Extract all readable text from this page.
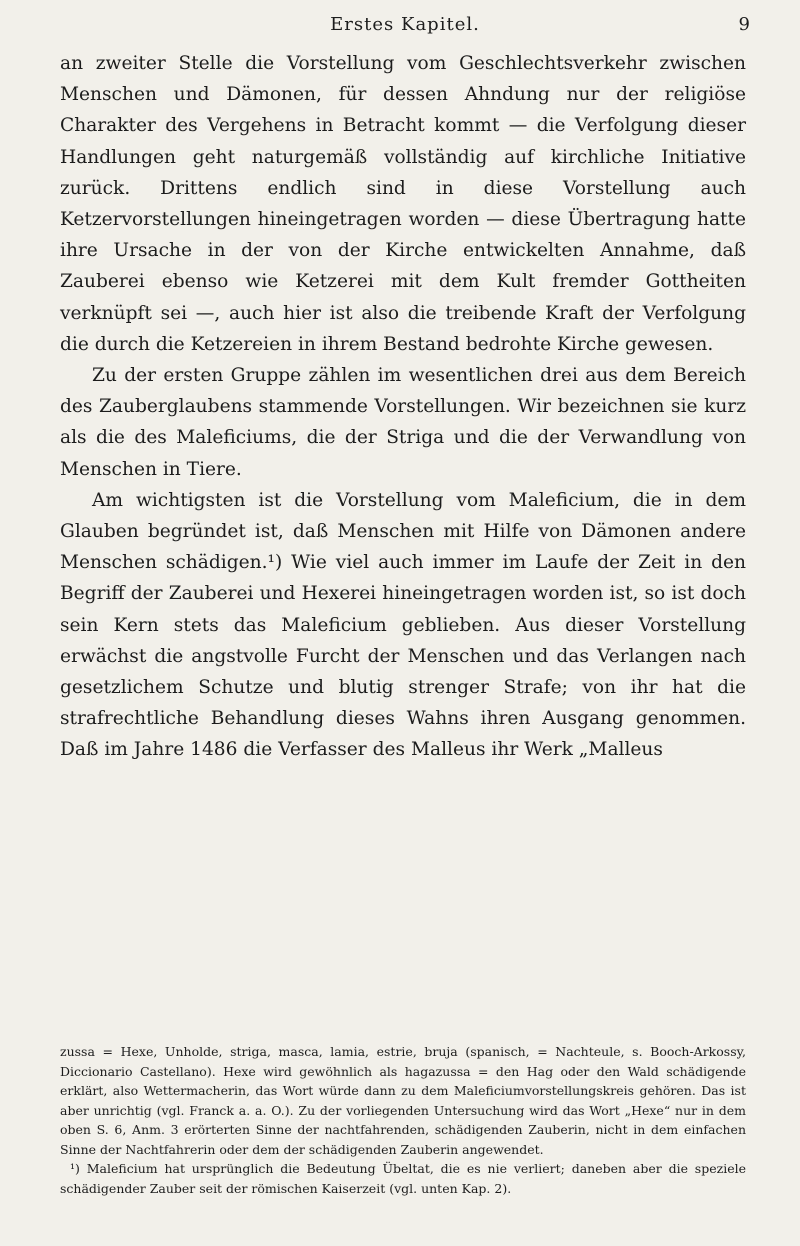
Erstes Kapitel.	9

an zweiter Stelle die Vorstellung vom Geschlechtsverkehr zwischen Menschen und Dämonen, für dessen Ahndung nur der religiöse Charakter des Vergehens in Betracht kommt — die Verfolgung dieser Handlungen geht naturgemäß vollständig auf kirchliche Initiative zurück. Drittens endlich sind in diese Vorstellung auch Ketzervorstellungen hineingetragen worden — diese Übertragung hatte ihre Ursache in der von der Kirche entwickelten Annahme, daß Zauberei ebenso wie Ketzerei mit dem Kult fremder Gottheiten verknüpft sei —, auch hier ist also die treibende Kraft der Verfolgung die durch die Ketzereien in ihrem Bestand bedrohte Kirche gewesen.

Zu der ersten Gruppe zählen im wesentlichen drei aus dem Bereich des Zauberglaubens stammende Vorstellungen. Wir bezeichnen sie kurz als die des Maleficiums, die der Striga und die der Verwandlung von Menschen in Tiere.

Am wichtigsten ist die Vorstellung vom Maleficium, die in dem Glauben begründet ist, daß Menschen mit Hilfe von Dämonen andere Menschen schädigen.¹) Wie viel auch immer im Laufe der Zeit in den Begriff der Zauberei und Hexerei hineingetragen worden ist, so ist doch sein Kern stets das Maleficium geblieben. Aus dieser Vorstellung erwächst die angstvolle Furcht der Menschen und das Verlangen nach gesetzlichem Schutze und blutig strenger Strafe; von ihr hat die strafrechtliche Behandlung dieses Wahns ihren Ausgang genommen. Daß im Jahre 1486 die Verfasser des Malleus ihr Werk „Malleus

zussa = Hexe, Unholde, striga, masca, lamia, estrie, bruja (spanisch, = Nachteule, s. Booch-Arkossy, Diccionario Castellano). Hexe wird gewöhnlich als hagazussa = den Hag oder den Wald schädigende erklärt, also Wettermacherin, das Wort würde dann zu dem Maleficiumvorstellungskreis gehören. Das ist aber unrichtig (vgl. Franck a. a. O.). Zu der vorliegenden Untersuchung wird das Wort „Hexe“ nur in dem oben S. 6, Anm. 3 erörterten Sinne der nachtfahrenden, schädigenden Zauberin, nicht in dem einfachen Sinne der Nachtfahrerin oder dem der schädigenden Zauberin angewendet.

¹) Maleficium hat ursprünglich die Bedeutung Übeltat, die es nie verliert; daneben aber die speziele schädigender Zauber seit der römischen Kaiserzeit (vgl. unten Kap. 2).
